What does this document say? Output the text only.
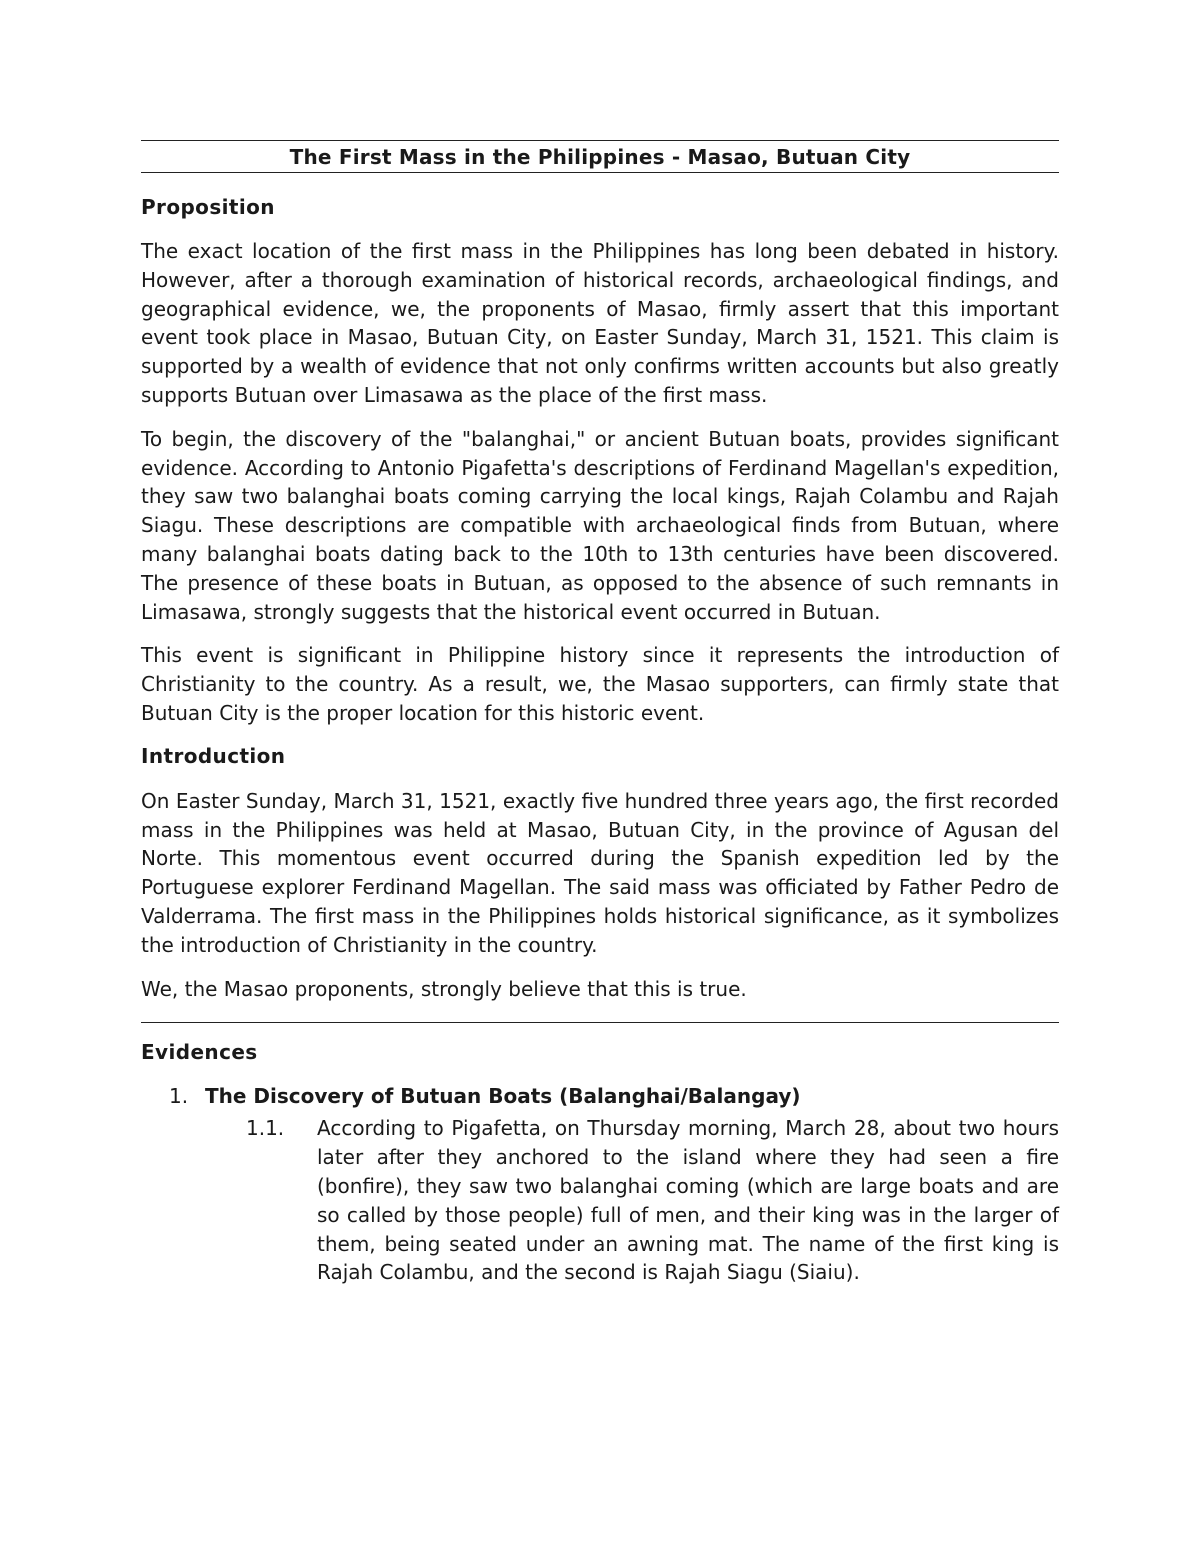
The First Mass in the Philippines - Masao, Butuan City
Proposition

The exact location of the first mass in the Philippines has long been debated in history. However, after a thorough examination of historical records, archaeological findings, and geographical evidence, we, the proponents of Masao, firmly assert that this important event took place in Masao, Butuan City, on Easter Sunday, March 31, 1521. This claim is supported by a wealth of evidence that not only confirms written accounts but also greatly supports Butuan over Limasawa as the place of the first mass.

To begin, the discovery of the "balanghai," or ancient Butuan boats, provides significant evidence. According to Antonio Pigafetta's descriptions of Ferdinand Magellan's expedition, they saw two balanghai boats coming carrying the local kings, Rajah Colambu and Rajah Siagu. These descriptions are compatible with archaeological finds from Butuan, where many balanghai boats dating back to the 10th to 13th centuries have been discovered. The presence of these boats in Butuan, as opposed to the absence of such remnants in Limasawa, strongly suggests that the historical event occurred in Butuan.

This event is significant in Philippine history since it represents the introduction of Christianity to the country. As a result, we, the Masao supporters, can firmly state that Butuan City is the proper location for this historic event.

Introduction

On Easter Sunday, March 31, 1521, exactly five hundred three years ago, the first recorded mass in the Philippines was held at Masao, Butuan City, in the province of Agusan del Norte. This momentous event occurred during the Spanish expedition led by the Portuguese explorer Ferdinand Magellan. The said mass was officiated by Father Pedro de Valderrama. The first mass in the Philippines holds historical significance, as it symbolizes the introduction of Christianity in the country.

We, the Masao proponents, strongly believe that this is true.

Evidences
1. The Discovery of Butuan Boats (Balanghai/Balangay)
1.1.	According to Pigafetta, on Thursday morning, March 28, about two hours later after they anchored to the island where they had seen a fire (bonfire), they saw two balanghai coming (which are large boats and are so called by those people) full of men, and their king was in the larger of them, being seated under an awning mat. The name of the first king is Rajah Colambu, and the second is Rajah Siagu (Siaiu).
